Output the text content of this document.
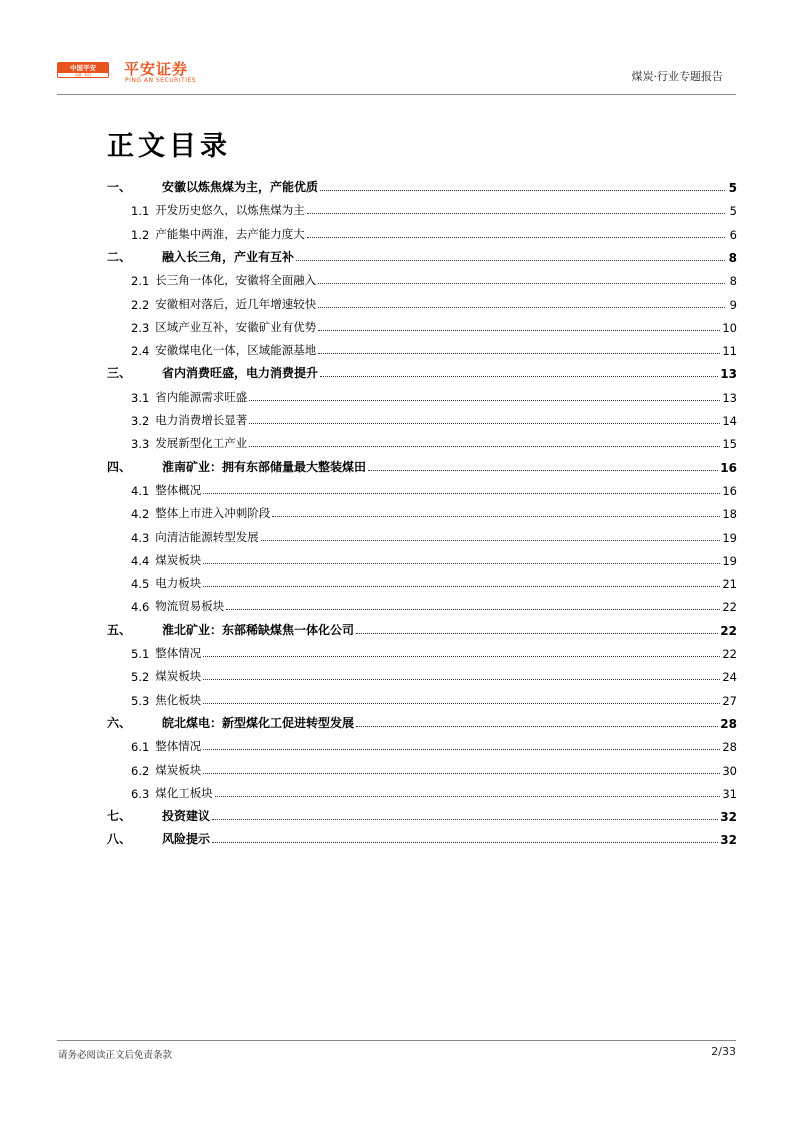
中国平安
金融 · 科技	平安证券
PING AN SECURITIES	煤炭·行业专题报告
正文目录
一、	安徽以炼焦煤为主，产能优质	5
1.1 开发历史悠久，以炼焦煤为主	5
1.2 产能集中两淮，去产能力度大	6
二、	融入长三角，产业有互补	8
2.1 长三角一体化，安徽将全面融入	8
2.2 安徽相对落后，近几年增速较快	9
2.3 区域产业互补，安徽矿业有优势	10
2.4 安徽煤电化一体，区域能源基地	11
三、	省内消费旺盛，电力消费提升	13
3.1 省内能源需求旺盛	13
3.2 电力消费增长显著	14
3.3 发展新型化工产业	15
四、	淮南矿业：拥有东部储量最大整装煤田	16
4.1 整体概况	16
4.2 整体上市进入冲刺阶段	18
4.3 向清洁能源转型发展	19
4.4 煤炭板块	19
4.5 电力板块	21
4.6 物流贸易板块	22
五、	淮北矿业：东部稀缺煤焦一体化公司	22
5.1 整体情况	22
5.2 煤炭板块	24
5.3 焦化板块	27
六、	皖北煤电：新型煤化工促进转型发展	28
6.1 整体情况	28
6.2 煤炭板块	30
6.3 煤化工板块	31
七、	投资建议	32
八、	风险提示	32
请务必阅读正文后免责条款	2/33
